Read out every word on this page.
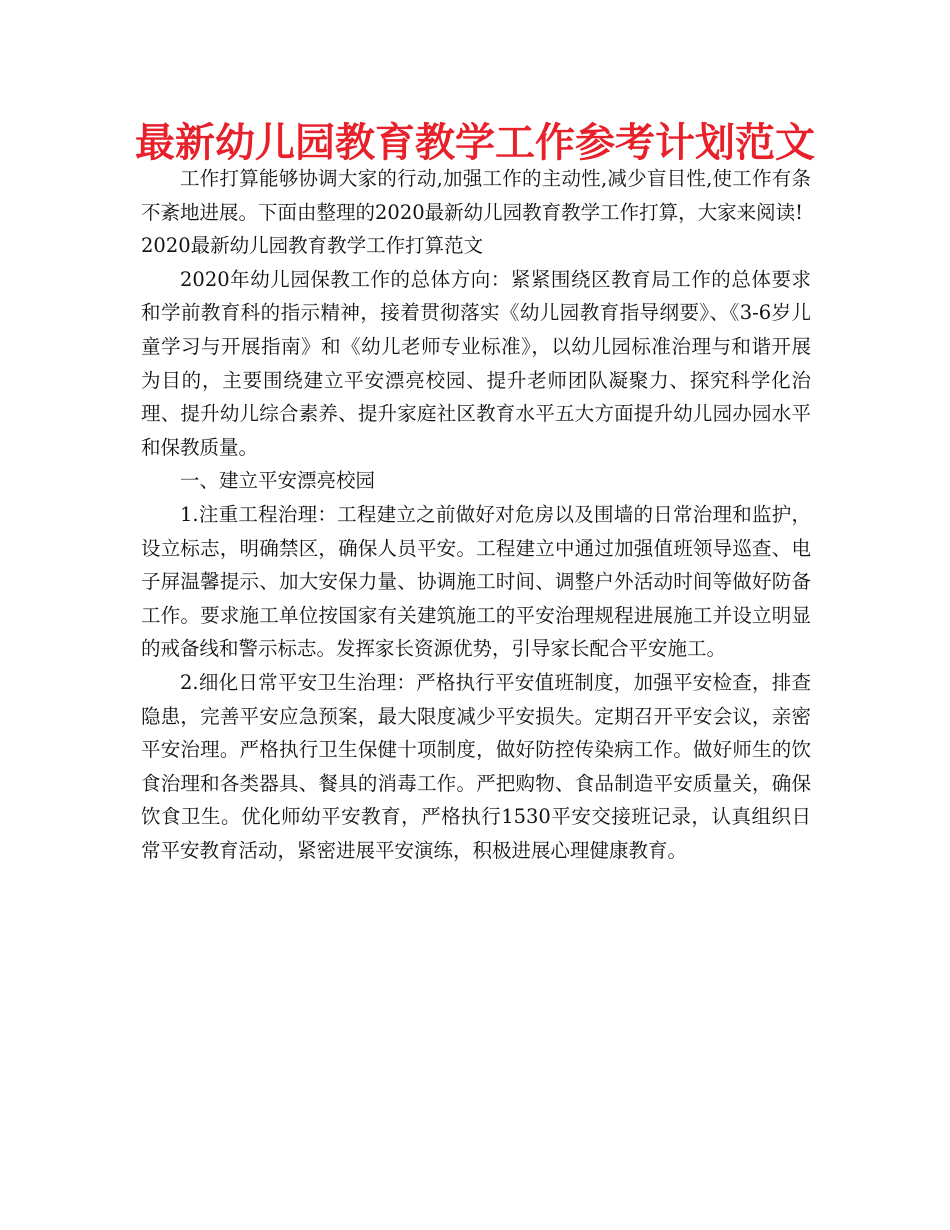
最新幼儿园教育教学工作参考计划范文

工作打算能够协调大家的行动,加强工作的主动性,减少盲目性,使工作有条不紊地进展。下面由整理的2020最新幼儿园教育教学工作打算，大家来阅读!

2020最新幼儿园教育教学工作打算范文

2020年幼儿园保教工作的总体方向：紧紧围绕区教育局工作的总体要求和学前教育科的指示精神，接着贯彻落实《幼儿园教育指导纲要》、《3-6岁儿童学习与开展指南》和《幼儿老师专业标准》，以幼儿园标准治理与和谐开展为目的，主要围绕建立平安漂亮校园、提升老师团队凝聚力、探究科学化治理、提升幼儿综合素养、提升家庭社区教育水平五大方面提升幼儿园办园水平和保教质量。

一、建立平安漂亮校园

1.注重工程治理：工程建立之前做好对危房以及围墙的日常治理和监护，设立标志，明确禁区，确保人员平安。工程建立中通过加强值班领导巡查、电子屏温馨提示、加大安保力量、协调施工时间、调整户外活动时间等做好防备工作。要求施工单位按国家有关建筑施工的平安治理规程进展施工并设立明显的戒备线和警示标志。发挥家长资源优势，引导家长配合平安施工。

2.细化日常平安卫生治理：严格执行平安值班制度，加强平安检查，排查隐患，完善平安应急预案，最大限度减少平安损失。定期召开平安会议，亲密平安治理。严格执行卫生保健十项制度，做好防控传染病工作。做好师生的饮食治理和各类器具、餐具的消毒工作。严把购物、食品制造平安质量关，确保饮食卫生。优化师幼平安教育，严格执行1530平安交接班记录，认真组织日常平安教育活动，紧密进展平安演练，积极进展心理健康教育。
